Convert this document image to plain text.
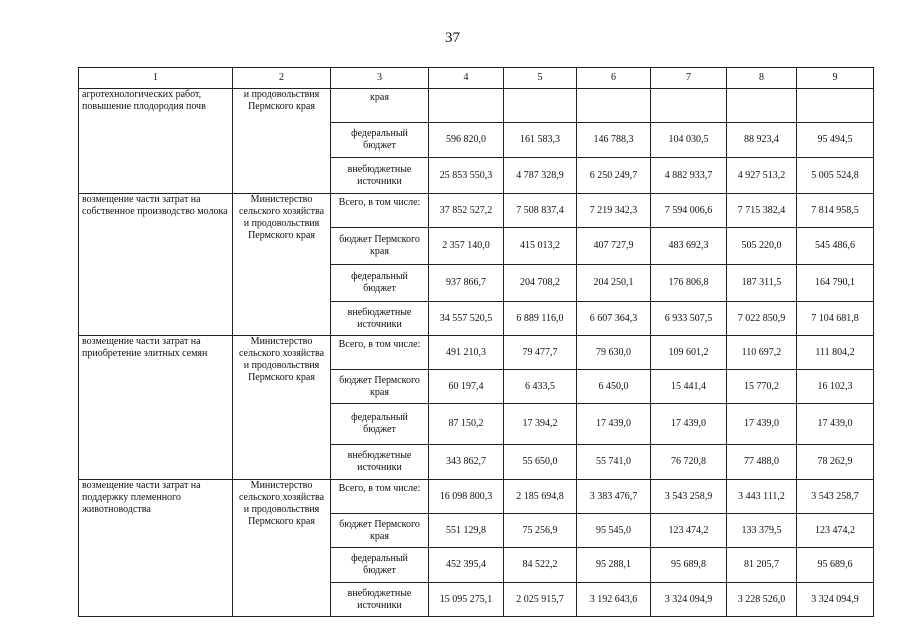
37
1	2	3	4	5	6	7	8	9
агротехнологических работ, повышение плодородия почв	и продовольствия Пермского края	края						
		федеральный бюджет	596 820,0	161 583,3	146 788,3	104 030,5	88 923,4	95 494,5
		внебюджетные источники	25 853 550,3	4 787 328,9	6 250 249,7	4 882 933,7	4 927 513,2	5 005 524,8
возмещение части затрат на собственное производство молока	Министерство сельского хозяйства и продовольствия Пермского края	Всего, в том числе:	37 852 527,2	7 508 837,4	7 219 342,3	7 594 006,6	7 715 382,4	7 814 958,5
		бюджет Пермского края	2 357 140,0	415 013,2	407 727,9	483 692,3	505 220,0	545 486,6
		федеральный бюджет	937 866,7	204 708,2	204 250,1	176 806,8	187 311,5	164 790,1
		внебюджетные источники	34 557 520,5	6 889 116,0	6 607 364,3	6 933 507,5	7 022 850,9	7 104 681,8
возмещение части затрат на приобретение элитных семян	Министерство сельского хозяйства и продовольствия Пермского края	Всего, в том числе:	491 210,3	79 477,7	79 630,0	109 601,2	110 697,2	111 804,2
		бюджет Пермского края	60 197,4	6 433,5	6 450,0	15 441,4	15 770,2	16 102,3
		федеральный бюджет	87 150,2	17 394,2	17 439,0	17 439,0	17 439,0	17 439,0
		внебюджетные источники	343 862,7	55 650,0	55 741,0	76 720,8	77 488,0	78 262,9
возмещение части затрат на поддержку племенного животноводства	Министерство сельского хозяйства и продовольствия Пермского края	Всего, в том числе:	16 098 800,3	2 185 694,8	3 383 476,7	3 543 258,9	3 443 111,2	3 543 258,7
		бюджет Пермского края	551 129,8	75 256,9	95 545,0	123 474,2	133 379,5	123 474,2
		федеральный бюджет	452 395,4	84 522,2	95 288,1	95 689,8	81 205,7	95 689,6
		внебюджетные источники	15 095 275,1	2 025 915,7	3 192 643,6	3 324 094,9	3 228 526,0	3 324 094,9
